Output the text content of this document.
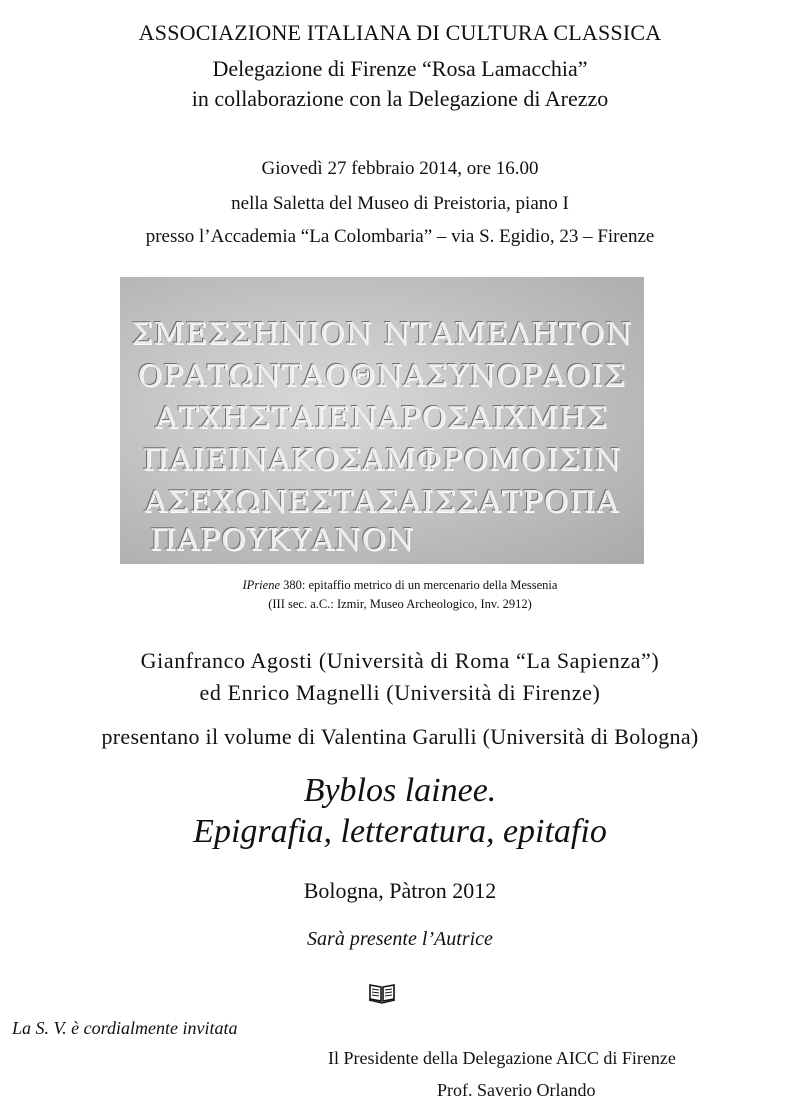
ASSOCIAZIONE ITALIANA DI CULTURA CLASSICA
Delegazione di Firenze “Rosa Lamacchia”
in collaborazione con la Delegazione di Arezzo
Giovedì 27 febbraio 2014, ore 16.00
nella Saletta del Museo di Preistoria, piano I
presso l’Accademia “La Colombaria” – via S. Egidio, 23 – Firenze
ΣΜΕΣΣΗΝΙΟΝ ΝΤΑΜΕΛΗΤΟΝ
ΟΡΑΤΩΝΤΑΟΘΝΑΣΥΝΟΡΑΟΙΣ
ΑΤΧΗΣΤΑΙΕΝΑΡΟΣΑΙΧΜΗΣ
ΠΑΙΕΙΝΑΚΟΣΑΜΦΡΟΜΟΙΣΙΝ
ΑΣΕΧΩΝΕΣΤΑΣΑΙΣΣΑΤΡΟΠΑ
ΠΑΡΟΥΚΥΑΝΟΝ
IPriene 380: epitaffio metrico di un mercenario della Messenia
(III sec. a.C.: Izmir, Museo Archeologico, Inv. 2912)
Gianfranco Agosti (Università di Roma “La Sapienza”)
ed Enrico Magnelli (Università di Firenze)
presentano il volume di Valentina Garulli (Università di Bologna)
Byblos lainee.
Epigrafia, letteratura, epitafio
Bologna, Pàtron 2012
Sarà presente l’Autrice
La S. V. è cordialmente invitata
Il Presidente della Delegazione AICC di Firenze
Prof. Saverio Orlando
